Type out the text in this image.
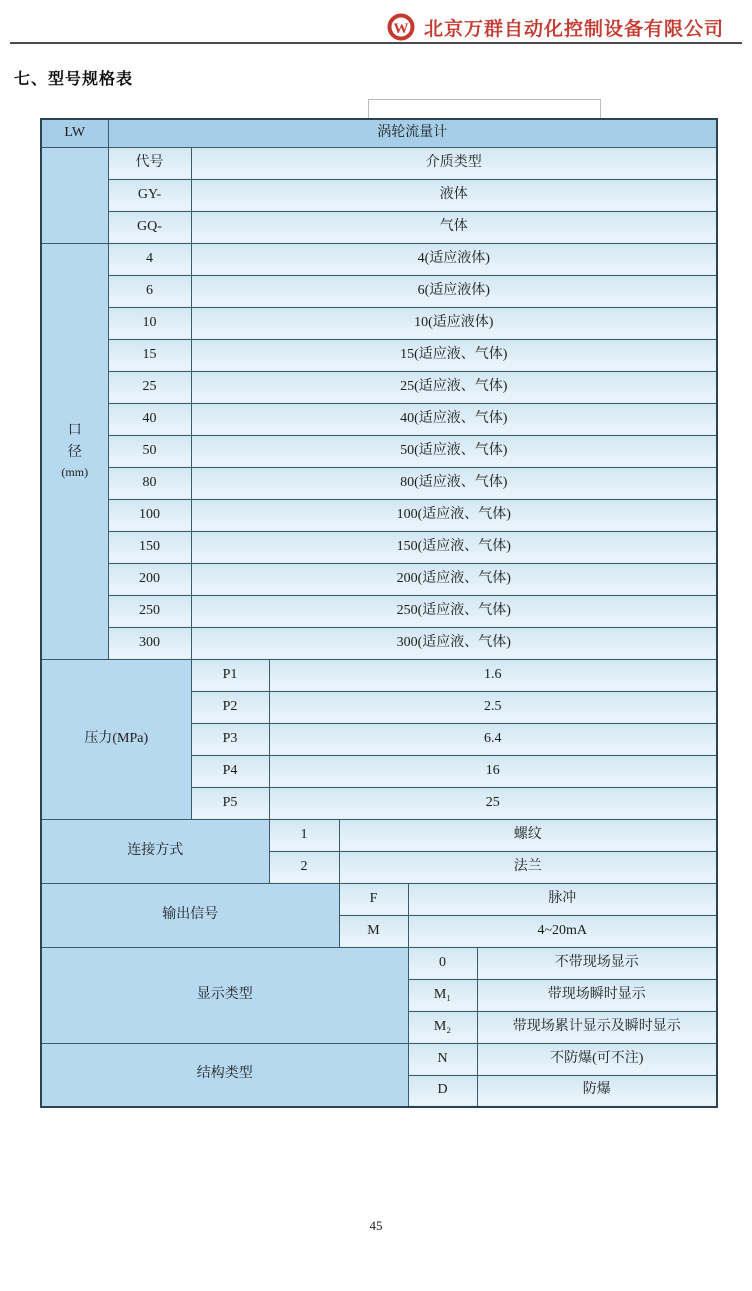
W 北京万群自动化控制设备有限公司
七、型号规格表
LW	涡轮流量计					
	代号	介质类型				
	GY-	液体				
	GQ-	气体				

口
径
(mm)	4	4(适应液体)				
	6	6(适应液体)				
	10	10(适应液体)				
	15	15(适应液、气体)				
	25	25(适应液、气体)				
	40	40(适应液、气体)				
	50	50(适应液、气体)				
	80	80(适应液、气体)				
	100	100(适应液、气体)				
	150	150(适应液、气体)				
	200	200(适应液、气体)				
	250	250(适应液、气体)				
	300	300(适应液、气体)				
压力(MPa)		P1	1.6			
		P2	2.5			
		P3	6.4			
		P4	16			
		P5	25			
连接方式			1	螺纹		
			2	法兰		
输出信号				F	脉冲	
				M	4~20mA	
显示类型					0	不带现场显示
					M₁	带现场瞬时显示
					M₂	带现场累计显示及瞬时显示
结构类型					N	不防爆(可不注)
					D	防爆
45
